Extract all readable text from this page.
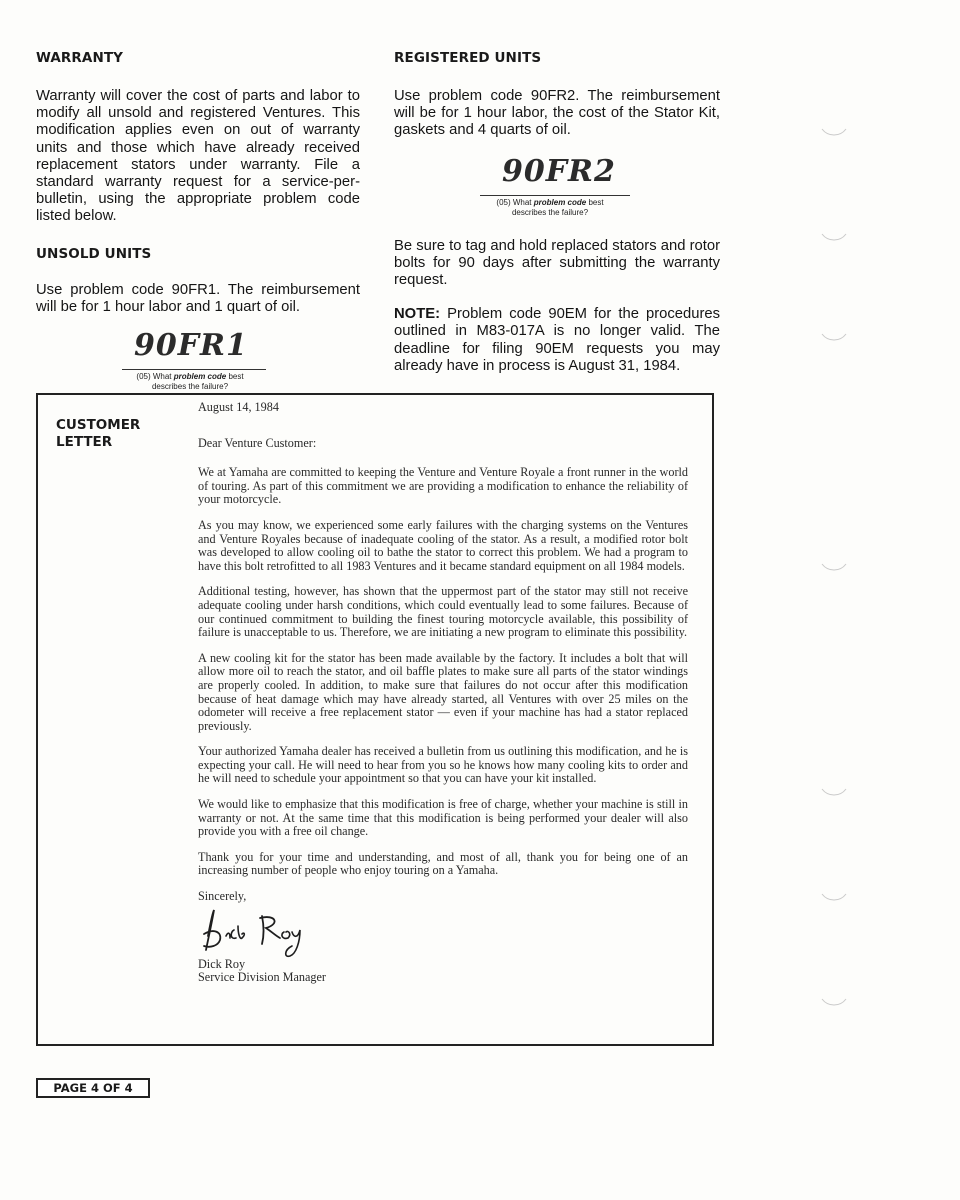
WARRANTY

Warranty will cover the cost of parts and labor to modify all unsold and registered Ventures. This modification applies even on out of warranty units and those which have already received replacement stators under warranty. File a standard warranty request for a service-per-bulletin, using the appropriate problem code listed below.

UNSOLD UNITS

Use problem code 90FR1. The reimbursement will be for 1 hour labor and 1 quart of oil.

90FR1
(05) What problem code best
describes the failure?
REGISTERED UNITS

Use problem code 90FR2. The reimbursement will be for 1 hour labor, the cost of the Stator Kit, gaskets and 4 quarts of oil.

90FR2
(05) What problem code best
describes the failure?

Be sure to tag and hold replaced stators and rotor bolts for 90 days after submitting the warranty request.

NOTE: Problem code 90EM for the procedures outlined in M83-017A is no longer valid. The deadline for filing 90EM requests you may already have in process is August 31, 1984.

CUSTOMER
LETTER

August 14, 1984

Dear Venture Customer:

We at Yamaha are committed to keeping the Venture and Venture Royale a front runner in the world of touring. As part of this commitment we are providing a modification to enhance the reliability of your motorcycle.

As you may know, we experienced some early failures with the charging systems on the Ventures and Venture Royales because of inadequate cooling of the stator. As a result, a modified rotor bolt was developed to allow cooling oil to bathe the stator to correct this problem. We had a program to have this bolt retrofitted to all 1983 Ventures and it became standard equipment on all 1984 models.

Additional testing, however, has shown that the uppermost part of the stator may still not receive adequate cooling under harsh conditions, which could eventually lead to some failures. Because of our continued commitment to building the finest touring motorcycle available, this possibility of failure is unacceptable to us. Therefore, we are initiating a new program to eliminate this possibility.

A new cooling kit for the stator has been made available by the factory. It includes a bolt that will allow more oil to reach the stator, and oil baffle plates to make sure all parts of the stator windings are properly cooled. In addition, to make sure that failures do not occur after this modification because of heat damage which may have already started, all Ventures with over 25 miles on the odometer will receive a free replacement stator — even if your machine has had a stator replaced previously.

Your authorized Yamaha dealer has received a bulletin from us outlining this modification, and he is expecting your call. He will need to hear from you so he knows how many cooling kits to order and he will need to schedule your appointment so that you can have your kit installed.

We would like to emphasize that this modification is free of charge, whether your machine is still in warranty or not. At the same time that this modification is being performed your dealer will also provide you with a free oil change.

Thank you for your time and understanding, and most of all, thank you for being one of an increasing number of people who enjoy touring on a Yamaha.

Sincerely,

Dick Roy

Service Division Manager

PAGE 4 OF 4
